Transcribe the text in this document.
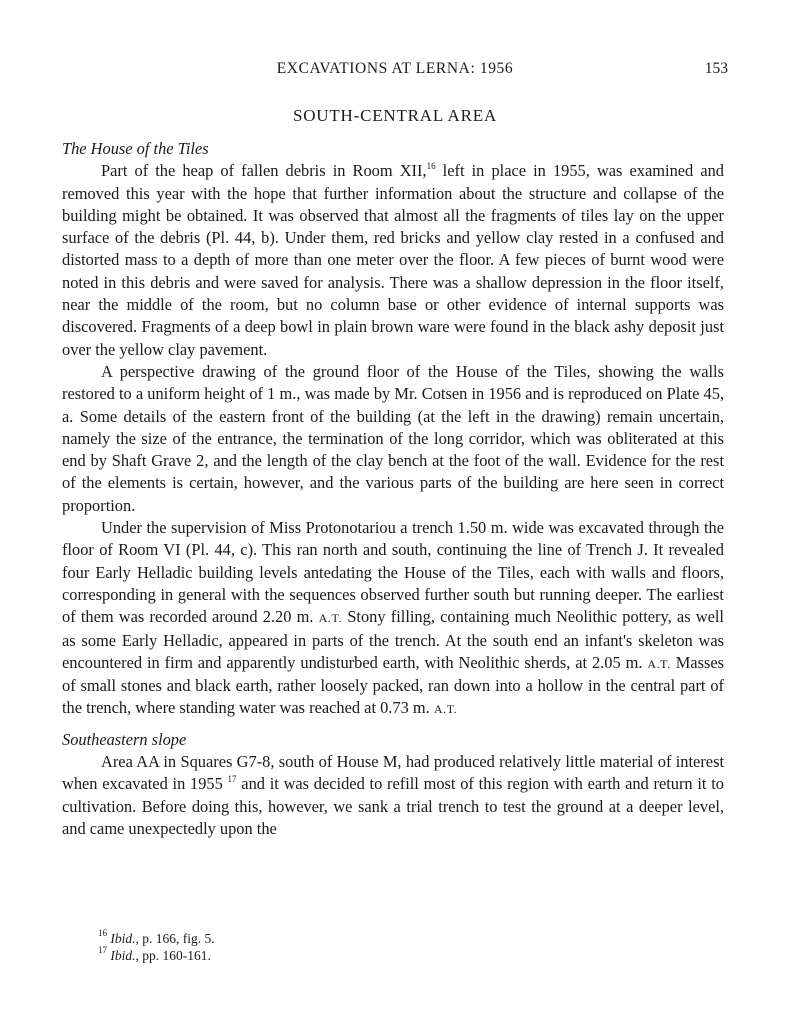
EXCAVATIONS AT LERNA: 1956	153
SOUTH-CENTRAL AREA

The House of the Tiles

Part of the heap of fallen debris in Room XII,$^{16}$ left in place in 1955, was examined and removed this year with the hope that further information about the structure and collapse of the building might be obtained. It was observed that almost all the fragments of tiles lay on the upper surface of the debris (Pl. 44, b). Under them, red bricks and yellow clay rested in a confused and distorted mass to a depth of more than one meter over the floor. A few pieces of burnt wood were noted in this debris and were saved for analysis. There was a shallow depression in the floor itself, near the middle of the room, but no column base or other evidence of internal supports was discovered. Fragments of a deep bowl in plain brown ware were found in the black ashy deposit just over the yellow clay pavement.

A perspective drawing of the ground floor of the House of the Tiles, showing the walls restored to a uniform height of 1 m., was made by Mr. Cotsen in 1956 and is reproduced on Plate 45, a. Some details of the eastern front of the building (at the left in the drawing) remain uncertain, namely the size of the entrance, the termination of the long corridor, which was obliterated at this end by Shaft Grave 2, and the length of the clay bench at the foot of the wall. Evidence for the rest of the elements is certain, however, and the various parts of the building are here seen in correct proportion.

Under the supervision of Miss Protonotariou a trench 1.50 m. wide was excavated through the floor of Room VI (Pl. 44, c). This ran north and south, continuing the line of Trench J. It revealed four Early Helladic building levels antedating the House of the Tiles, each with walls and floors, corresponding in general with the sequences observed further south but running deeper. The earliest of them was recorded around 2.20 m. A.T. Stony filling, containing much Neolithic pottery, as well as some Early Helladic, appeared in parts of the trench. At the south end an infant's skeleton was encountered in firm and apparently undisturbed earth, with Neolithic sherds, at 2.05 m. A.T. Masses of small stones and black earth, rather loosely packed, ran down into a hollow in the central part of the trench, where standing water was reached at 0.73 m. A.T.

Southeastern slope

Area AA in Squares G7-8, south of House M, had produced relatively little material of interest when excavated in 1955 $^{17}$ and it was decided to refill most of this region with earth and return it to cultivation. Before doing this, however, we sank a trial trench to test the ground at a deeper level, and came unexpectedly upon the

$^{16}$ Ibid., p. 166, fig. 5.

$^{17}$ Ibid., pp. 160-161.
